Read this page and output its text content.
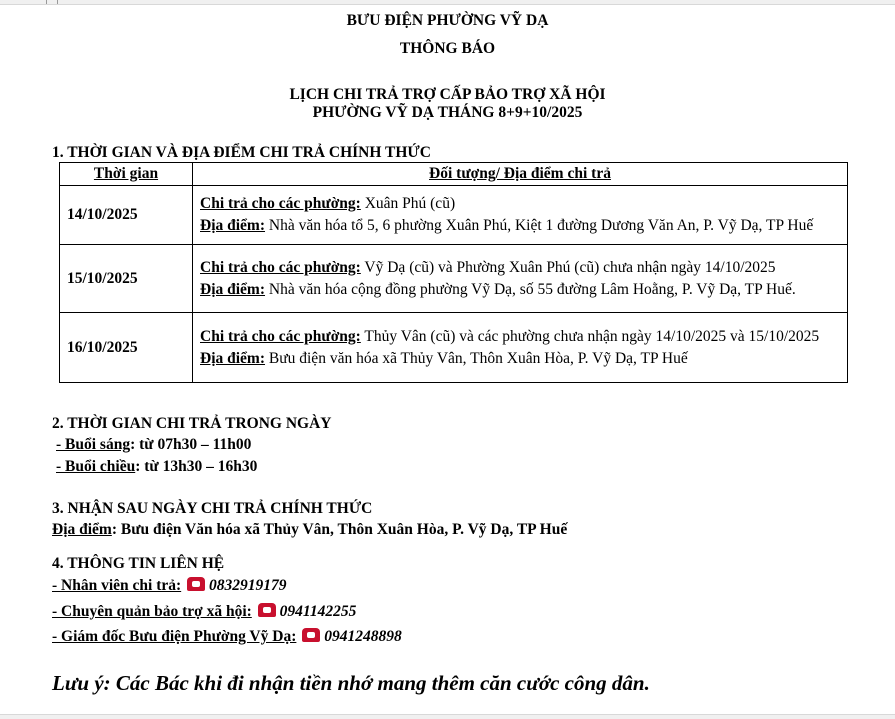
BƯU ĐIỆN PHƯỜNG VỸ DẠ
THÔNG BÁO
LỊCH CHI TRẢ TRỢ CẤP BẢO TRỢ XÃ HỘI
PHƯỜNG VỸ DẠ THÁNG 8+9+10/2025
1. THỜI GIAN VÀ ĐỊA ĐIỂM CHI TRẢ CHÍNH THỨC
Thời gian	Đối tượng/ Địa điểm chi trả
14/10/2025	Chi trả cho các phường: Xuân Phú (cũ)
Địa điểm: Nhà văn hóa tổ 5, 6 phường Xuân Phú, Kiệt 1 đường Dương Văn An, P. Vỹ Dạ, TP Huế
15/10/2025	Chi trả cho các phường: Vỹ Dạ (cũ) và Phường Xuân Phú (cũ) chưa nhận ngày 14/10/2025
Địa điểm: Nhà văn hóa cộng đồng phường Vỹ Dạ, số 55 đường Lâm Hoằng, P. Vỹ Dạ, TP Huế.
16/10/2025	Chi trả cho các phường: Thủy Vân (cũ) và các phường chưa nhận ngày 14/10/2025 và 15/10/2025
Địa điểm: Bưu điện văn hóa xã Thủy Vân, Thôn Xuân Hòa, P. Vỹ Dạ, TP Huế
2. THỜI GIAN CHI TRẢ TRONG NGÀY
- Buổi sáng: từ 07h30 – 11h00
- Buổi chiều: từ 13h30 – 16h30
3. NHẬN SAU NGÀY CHI TRẢ CHÍNH THỨC
Địa điểm: Bưu điện Văn hóa xã Thủy Vân, Thôn Xuân Hòa, P. Vỹ Dạ, TP Huế
4. THÔNG TIN LIÊN HỆ
- Nhân viên chi trả: 0832919179
- Chuyên quản bảo trợ xã hội: 0941142255
- Giám đốc Bưu điện Phường Vỹ Dạ: 0941248898
Lưu ý: Các Bác khi đi nhận tiền nhớ mang thêm căn cước công dân.
